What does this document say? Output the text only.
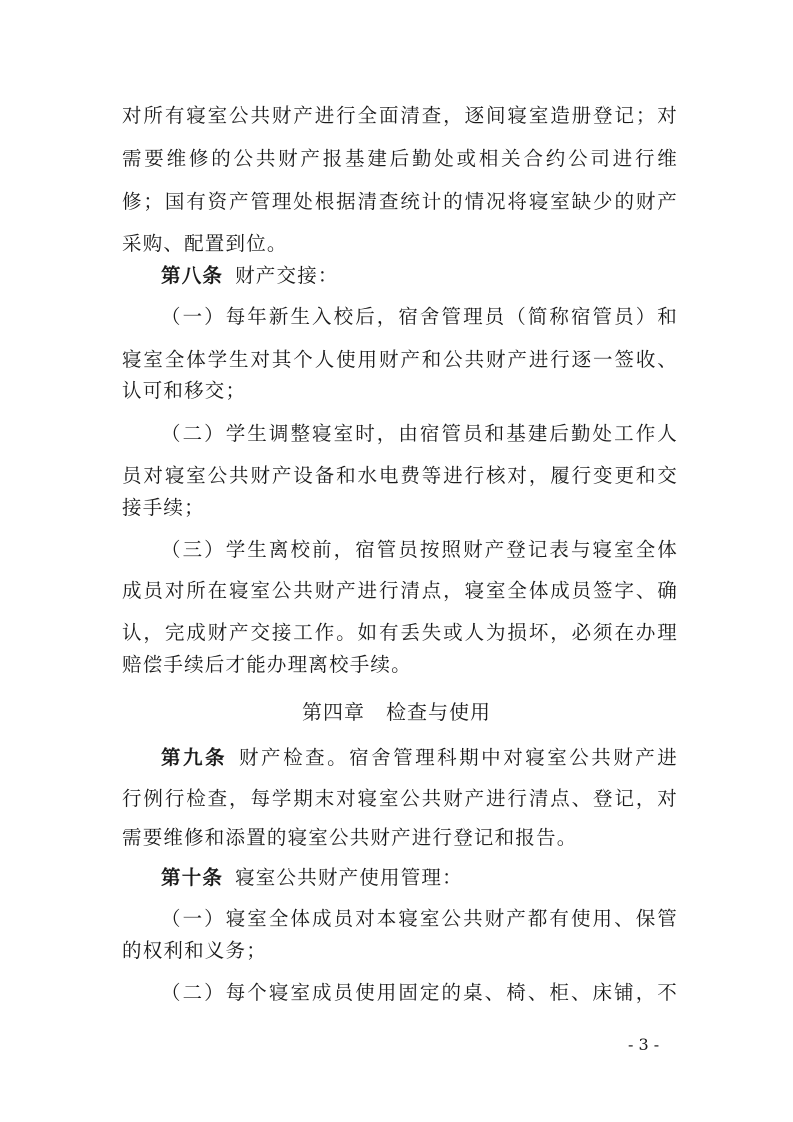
对所有寝室公共财产进行全面清查，逐间寝室造册登记；对
需要维修的公共财产报基建后勤处或相关合约公司进行维
修；国有资产管理处根据清查统计的情况将寝室缺少的财产
采购、配置到位。
第八条 财产交接：
（一）每年新生入校后，宿舍管理员（简称宿管员）和
寝室全体学生对其个人使用财产和公共财产进行逐一签收、
认可和移交；
（二）学生调整寝室时，由宿管员和基建后勤处工作人
员对寝室公共财产设备和水电费等进行核对，履行变更和交
接手续；
（三）学生离校前，宿管员按照财产登记表与寝室全体
成员对所在寝室公共财产进行清点，寝室全体成员签字、确
认，完成财产交接工作。如有丢失或人为损坏，必须在办理
赔偿手续后才能办理离校手续。
第四章　检查与使用
第九条 财产检查。宿舍管理科期中对寝室公共财产进
行例行检查，每学期末对寝室公共财产进行清点、登记，对
需要维修和添置的寝室公共财产进行登记和报告。
第十条 寝室公共财产使用管理：
（一）寝室全体成员对本寝室公共财产都有使用、保管
的权利和义务；
（二）每个寝室成员使用固定的桌、椅、柜、床铺，不
- 3 -
